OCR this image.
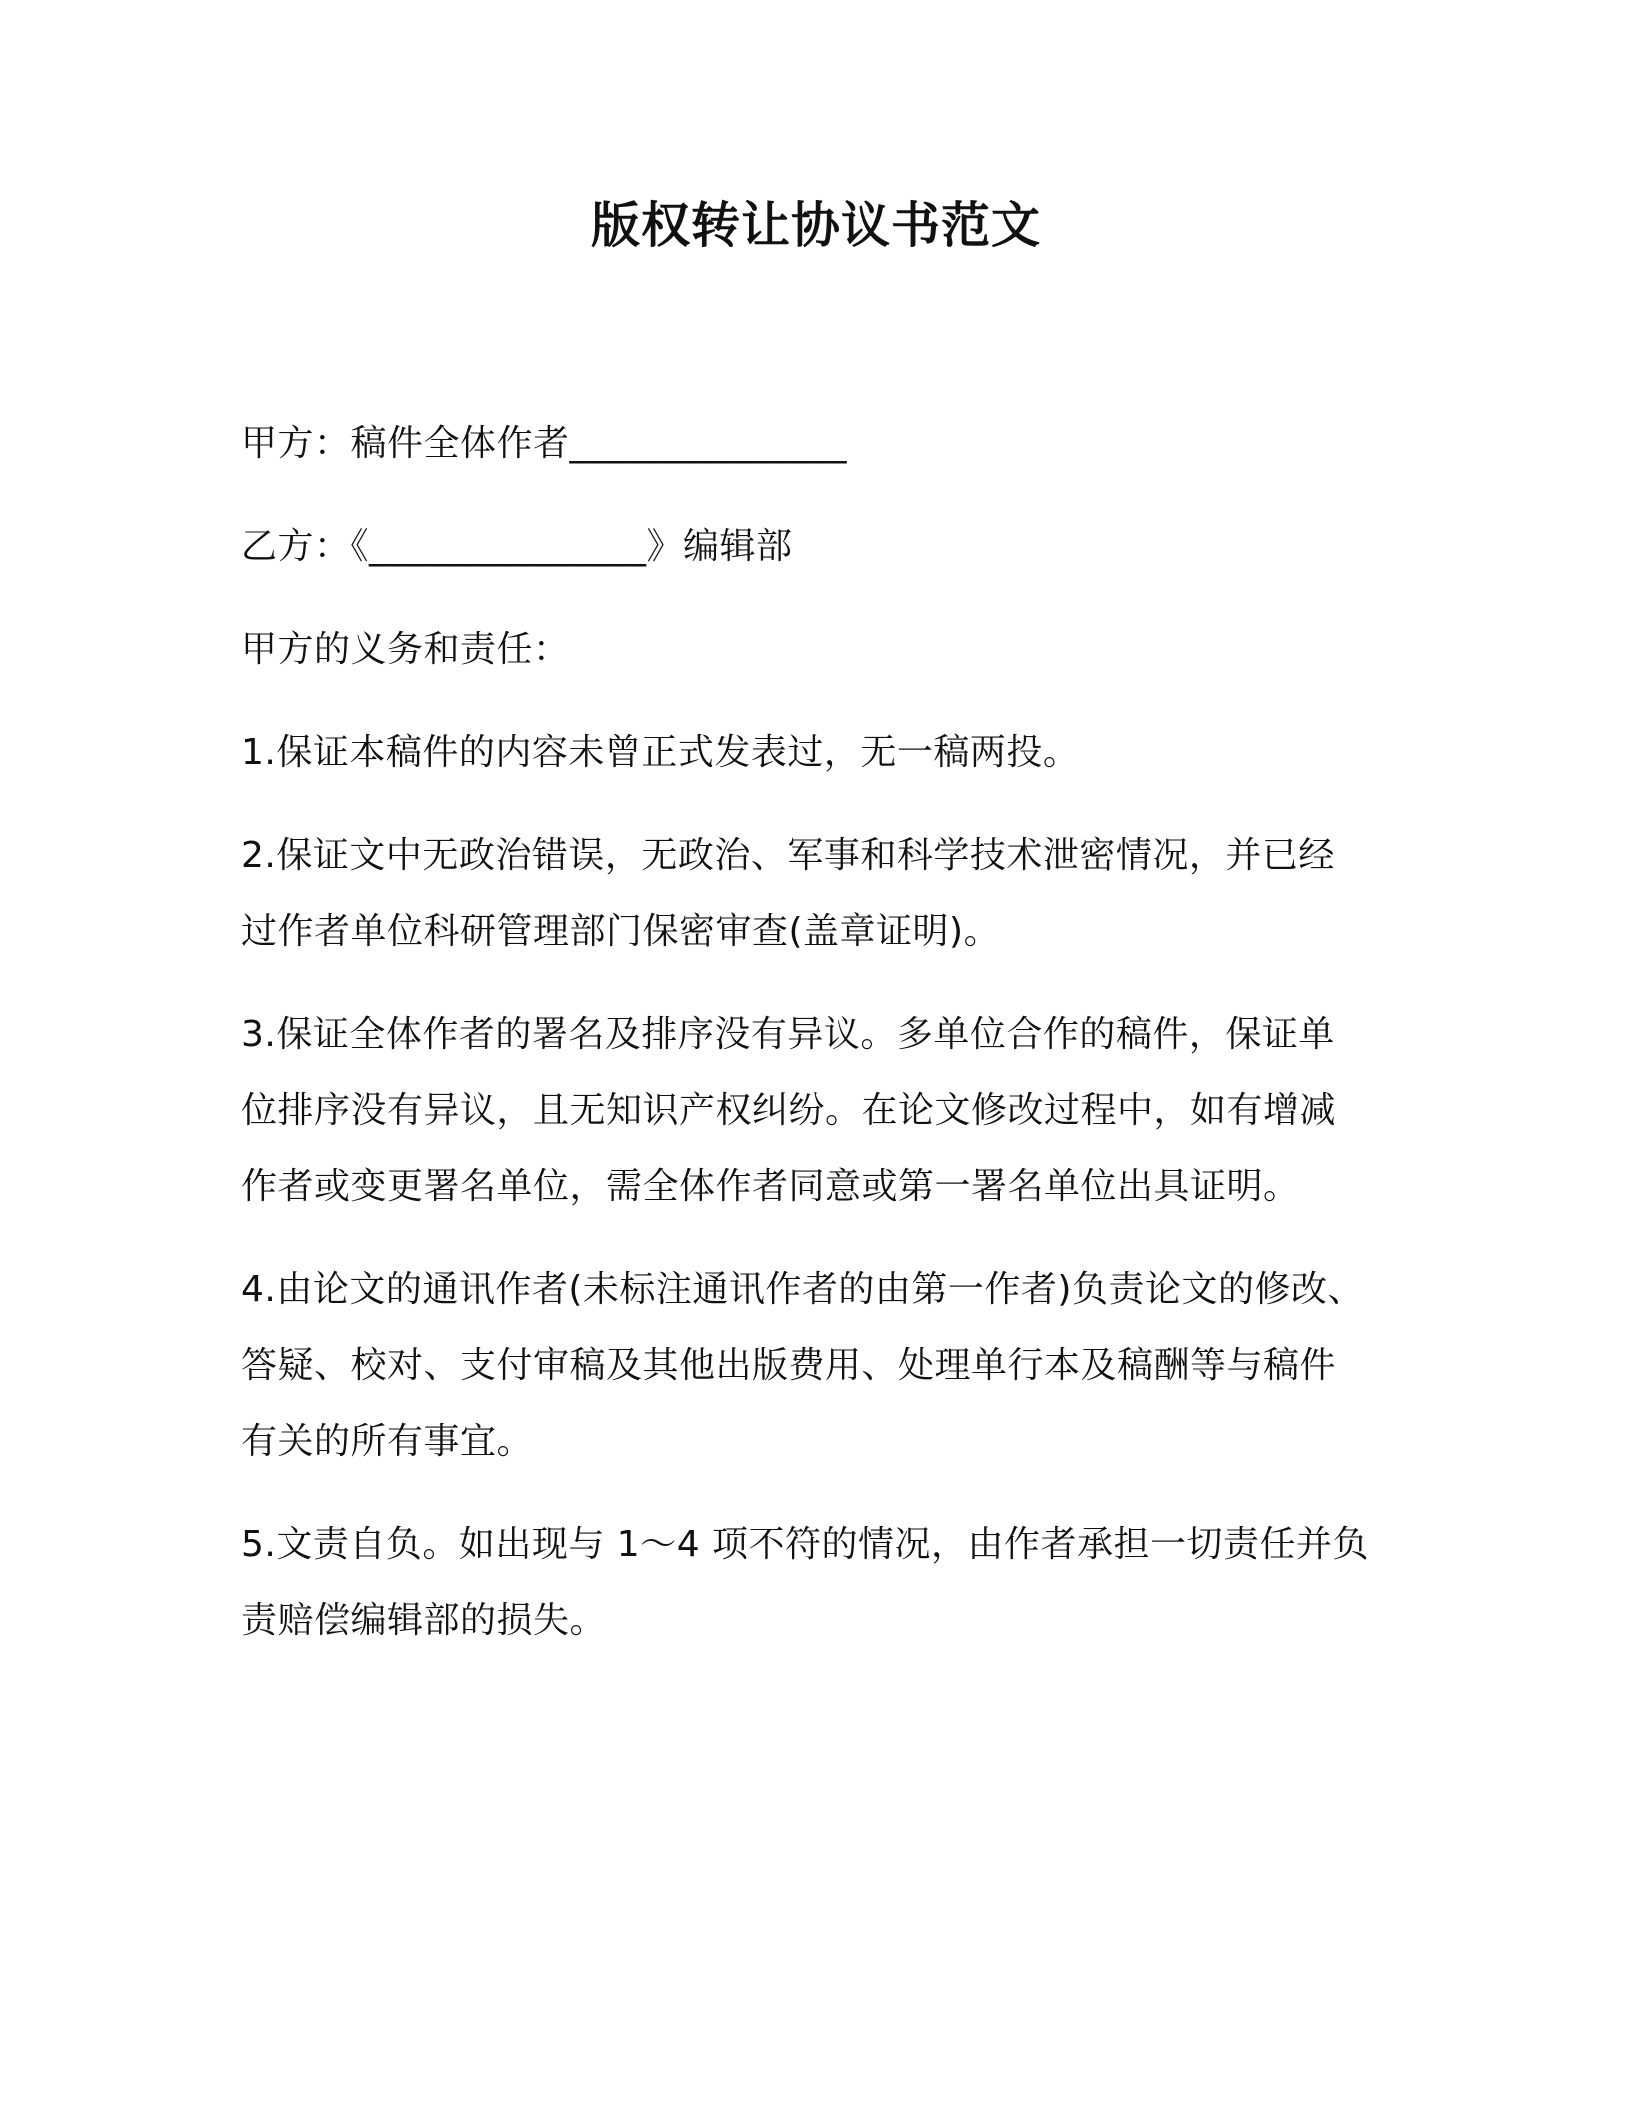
版权转让协议书范文
甲方：稿件全体作者_______________
乙方：《_______________》编辑部
甲方的义务和责任：
1.保证本稿件的内容未曾正式发表过，无一稿两投。
2.保证文中无政治错误，无政治、军事和科学技术泄密情况，并已经
过作者单位科研管理部门保密审查(盖章证明)。
3.保证全体作者的署名及排序没有异议。多单位合作的稿件，保证单
位排序没有异议，且无知识产权纠纷。在论文修改过程中，如有增减
作者或变更署名单位，需全体作者同意或第一署名单位出具证明。
4.由论文的通讯作者(未标注通讯作者的由第一作者)负责论文的修改、
答疑、校对、支付审稿及其他出版费用、处理单行本及稿酬等与稿件
有关的所有事宜。
5.文责自负。如出现与 1～4 项不符的情况，由作者承担一切责任并负
责赔偿编辑部的损失。
